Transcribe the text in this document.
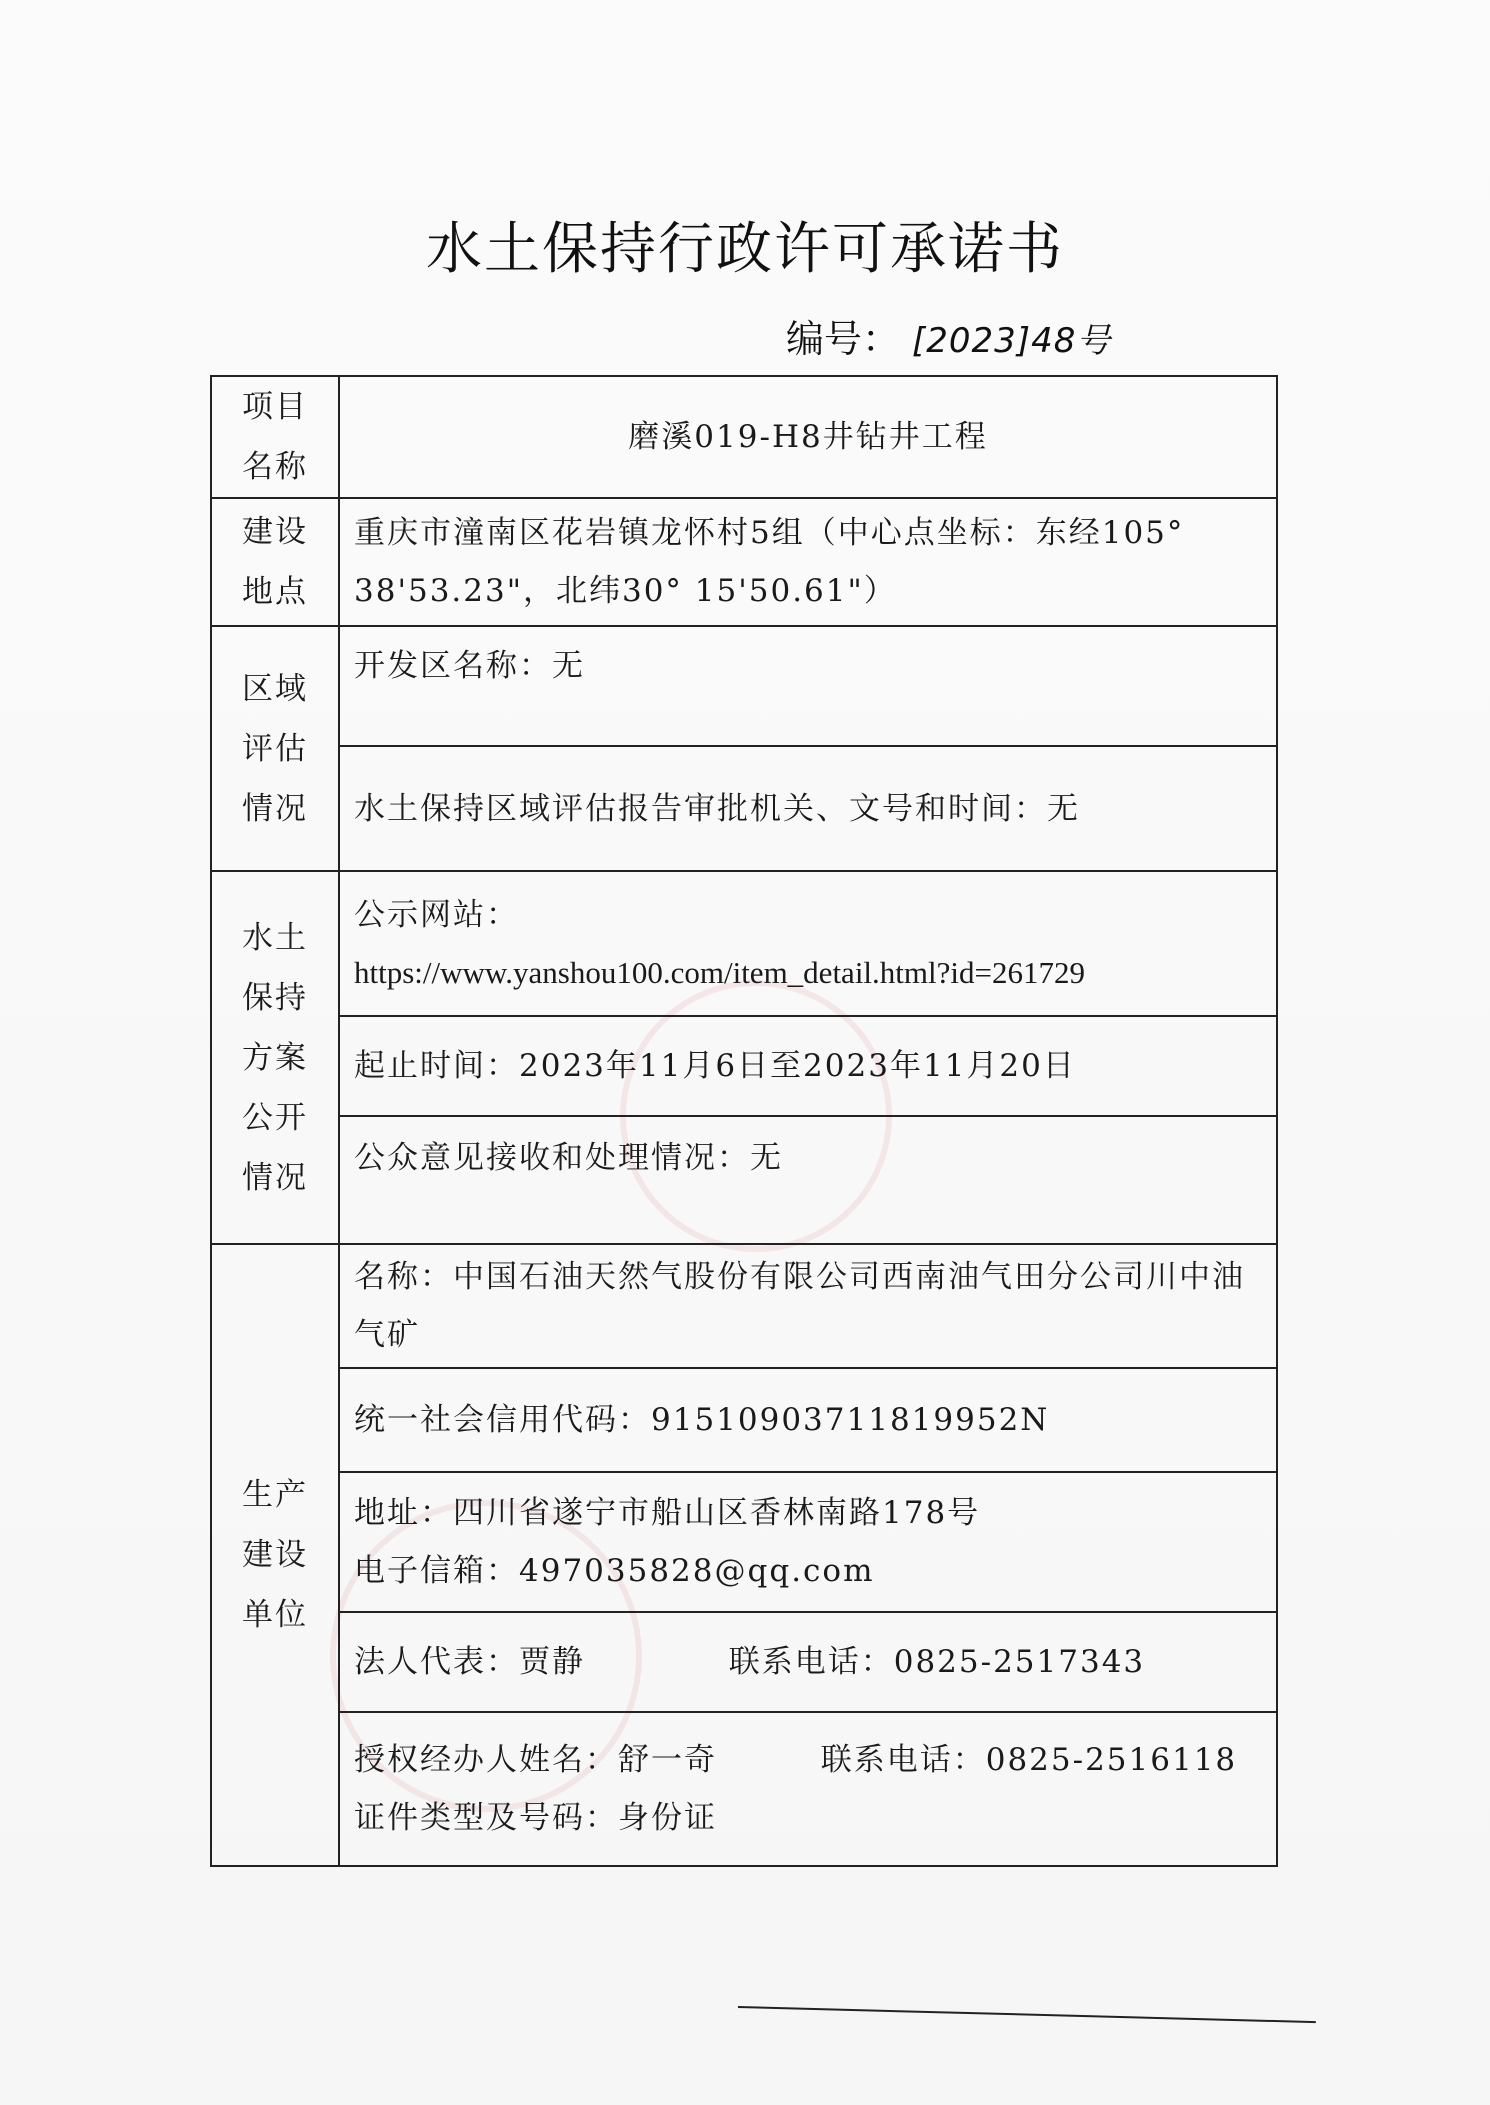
水土保持行政许可承诺书
编号： [2023]48号
项目名称	磨溪019-H8井钻井工程

建设地点	重庆市潼南区花岩镇龙怀村5组（中心点坐标：东经105° 38'53.23"，北纬30° 15'50.61"）

区域评估情况	开发区名称：无
	水土保持区域评估报告审批机关、文号和时间：无

水土保持方案公开情况	公示网站：
https://www.yanshou100.com/item_detail.html?id=261729

	起止时间：2023年11月6日至2023年11月20日
	公众意见接收和处理情况：无

生产建设单位	名称：中国石油天然气股份有限公司西南油气田分公司川中油气矿
	统一社会信用代码：91510903711819952N

	地址：四川省遂宁市船山区香林南路178号
电子信箱：497035828@qq.com

	法人代表：贾静 联系电话：0825-2517343

	授权经办人姓名：舒一奇 联系电话：0825-2516118
证件类型及号码：身份证
